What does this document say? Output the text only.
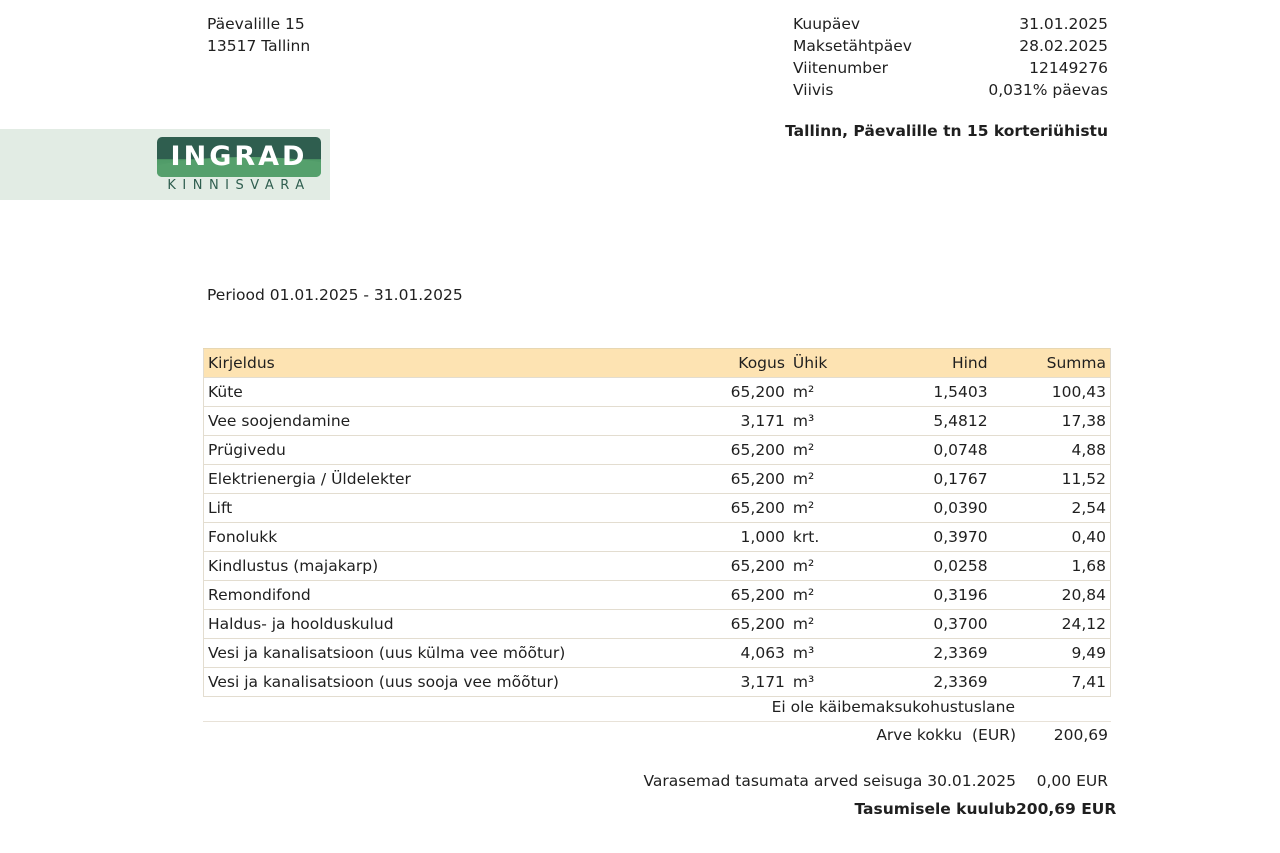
Päevalille 15
13517 Tallinn
Kuupäev	31.01.2025
Maksetähtpäev	28.02.2025
Viitenumber	12149276
Viivis	0,031% päevas
Tallinn, Päevalille tn 15 korteriühistu
INGRAD
KINNISVARA
Periood 01.01.2025 - 31.01.2025
Kirjeldus	Kogus	Ühik	Hind	Summa
Küte	65,200	m²	1,5403	100,43
Vee soojendamine	3,171	m³	5,4812	17,38
Prügivedu	65,200	m²	0,0748	4,88
Elektrienergia / Üldelekter	65,200	m²	0,1767	11,52
Lift	65,200	m²	0,0390	2,54
Fonolukk	1,000	krt.	0,3970	0,40
Kindlustus (majakarp)	65,200	m²	0,0258	1,68
Remondifond	65,200	m²	0,3196	20,84
Haldus- ja hoolduskulud	65,200	m²	0,3700	24,12
Vesi ja kanalisatsioon (uus külma vee mõõtur)	4,063	m³	2,3369	9,49
Vesi ja kanalisatsioon (uus sooja vee mõõtur)	3,171	m³	2,3369	7,41
Ei ole käibemaksukohustuslane
Arve kokku  (EUR)	200,69
Varasemad tasumata arved seisuga 30.01.2025	0,00 EUR
Tasumisele kuulub 200,69 EUR
